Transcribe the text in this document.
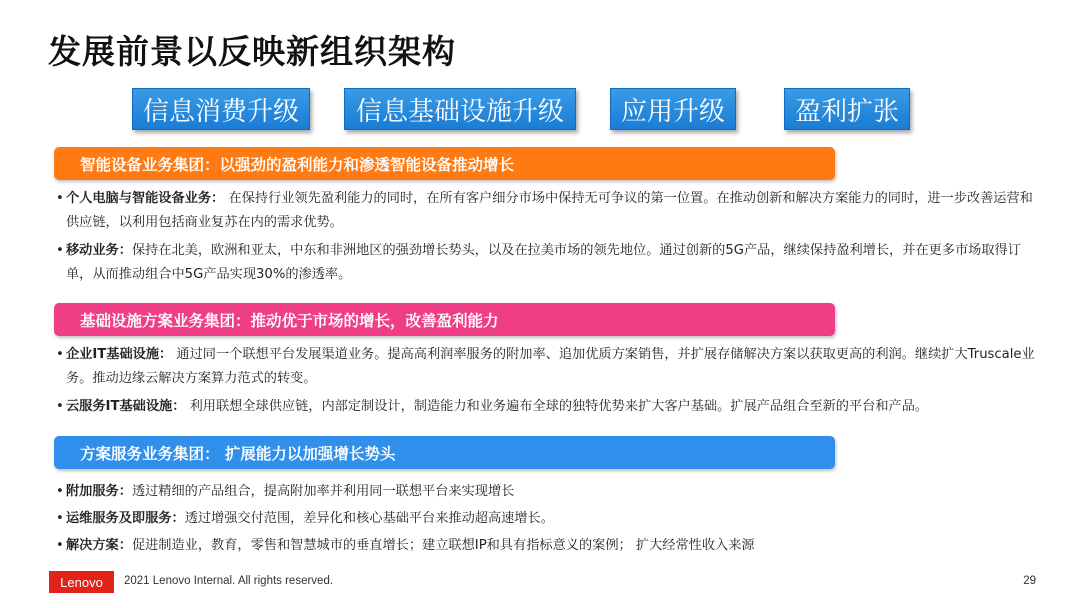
发展前景以反映新组织架构
信息消费升级	信息基础设施升级	应用升级	盈利扩张
智能设备业务集团：以强劲的盈利能力和渗透智能设备推动增长
• 个人电脑与智能设备业务： 在保持行业领先盈利能力的同时，在所有客户细分市场中保持无可争议的第一位置。在推动创新和解决方案能力的同时，进一步改善运营和供应链，以利用包括商业复苏在内的需求优势。
• 移动业务：保持在北美，欧洲和亚太，中东和非洲地区的强劲增长势头，以及在拉美市场的领先地位。通过创新的5G产品，继续保持盈利增长，并在更多市场取得订单，从而推动组合中5G产品实现30%的渗透率。
基础设施方案业务集团：推动优于市场的增长，改善盈利能力
• 企业IT基础设施： 通过同一个联想平台发展渠道业务。提高高利润率服务的附加率、追加优质方案销售，并扩展存储解决方案以获取更高的利润。继续扩大Truscale业务。推动边缘云解决方案算力范式的转变。
• 云服务IT基础设施： 利用联想全球供应链，内部定制设计，制造能力和业务遍布全球的独特优势来扩大客户基础。扩展产品组合至新的平台和产品。
方案服务业务集团： 扩展能力以加强增长势头
• 附加服务：透过精细的产品组合，提高附加率并利用同一联想平台来实现增长
• 运维服务及即服务：透过增强交付范围，差异化和核心基础平台来推动超高速增长。
• 解决方案：促进制造业，教育，零售和智慧城市的垂直增长；建立联想IP和具有指标意义的案例； 扩大经常性收入来源
Lenovo	2021 Lenovo Internal. All rights reserved.	29
